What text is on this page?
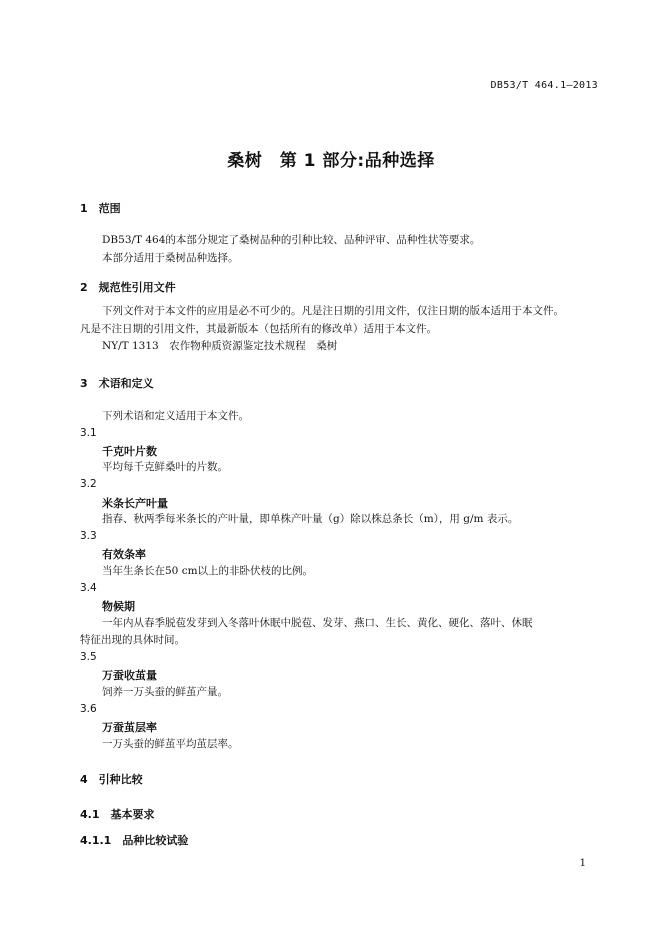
DB53/T 464.1—2013
桑树　第 1 部分:品种选择
1　范围
DB53/T 464的本部分规定了桑树品种的引种比较、品种评审、品种性状等要求。
本部分适用于桑树品种选择。
2　规范性引用文件
下列文件对于本文件的应用是必不可少的。凡是注日期的引用文件，仅注日期的版本适用于本文件。
凡是不注日期的引用文件，其最新版本（包括所有的修改单）适用于本文件。
NY/T 1313　农作物种质资源鉴定技术规程　桑树
3　术语和定义
下列术语和定义适用于本文件。
3.1
千克叶片数
平均每千克鲜桑叶的片数。
3.2
米条长产叶量
指春、秋两季每米条长的产叶量，即单株产叶量（g）除以株总条长（m），用 g/m 表示。
3.3
有效条率
当年生条长在50 cm以上的非卧伏枝的比例。
3.4
物候期
一年内从春季脱苞发芽到入冬落叶休眠中脱苞、发芽、燕口、生长、黄化、硬化、落叶、休眠
特征出现的具体时间。
3.5
万蚕收茧量
饲养一万头蚕的鲜茧产量。
3.6
万蚕茧层率
一万头蚕的鲜茧平均茧层率。
4　引种比较
4.1　基本要求
4.1.1　品种比较试验
1
